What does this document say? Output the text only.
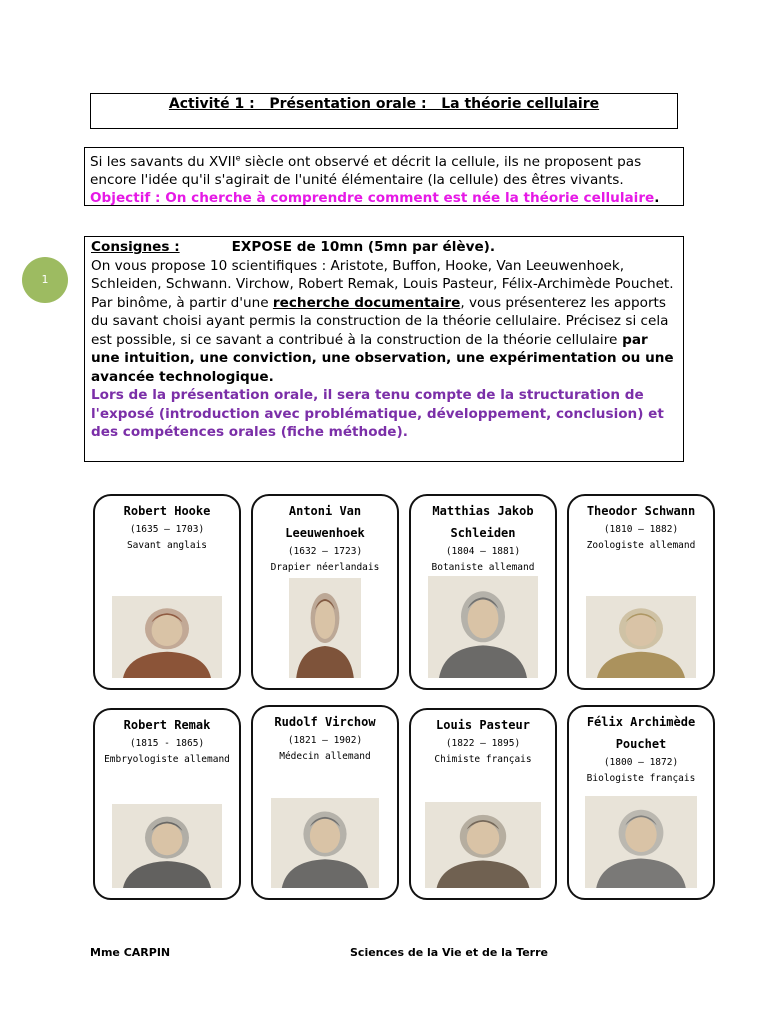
Activité 1 :   Présentation orale :   La théorie cellulaire
Si les savants du XVIIe siècle ont observé et décrit la cellule, ils ne proposent pas encore l'idée qu'il s'agirait de l'unité élémentaire (la cellule) des êtres vivants.
Objectif : On cherche à comprendre comment est née la théorie cellulaire.
1
Consignes :	EXPOSE de 10mn (5mn par élève).
On vous propose 10 scientifiques : Aristote, Buffon, Hooke, Van Leeuwenhoek, Schleiden, Schwann. Virchow, Robert Remak, Louis Pasteur, Félix-Archimède Pouchet.
Par binôme, à partir d'une recherche documentaire, vous présenterez les apports du savant choisi ayant permis la construction de la théorie cellulaire. Précisez si cela est possible, si ce savant a contribué à la construction de la théorie cellulaire par une intuition, une conviction, une observation, une expérimentation ou une avancée technologique.
Lors de la présentation orale, il sera tenu compte de la structuration de l'exposé (introduction avec problématique, développement, conclusion) et des compétences orales (fiche méthode).
Robert Hooke
(1635 – 1703)
Savant anglais
Antoni Van Leeuwenhoek
(1632 – 1723)
Drapier néerlandais
Matthias Jakob Schleiden
(1804 – 1881)
Botaniste allemand
Theodor Schwann
(1810 – 1882)
Zoologiste allemand
Robert Remak
(1815 - 1865)
Embryologiste allemand
Rudolf Virchow
(1821 – 1902)
Médecin allemand
Louis Pasteur
(1822 – 1895)
Chimiste français
Félix Archimède Pouchet
(1800 – 1872)
Biologiste français
Mme CARPIN	Sciences de la Vie et de la Terre
